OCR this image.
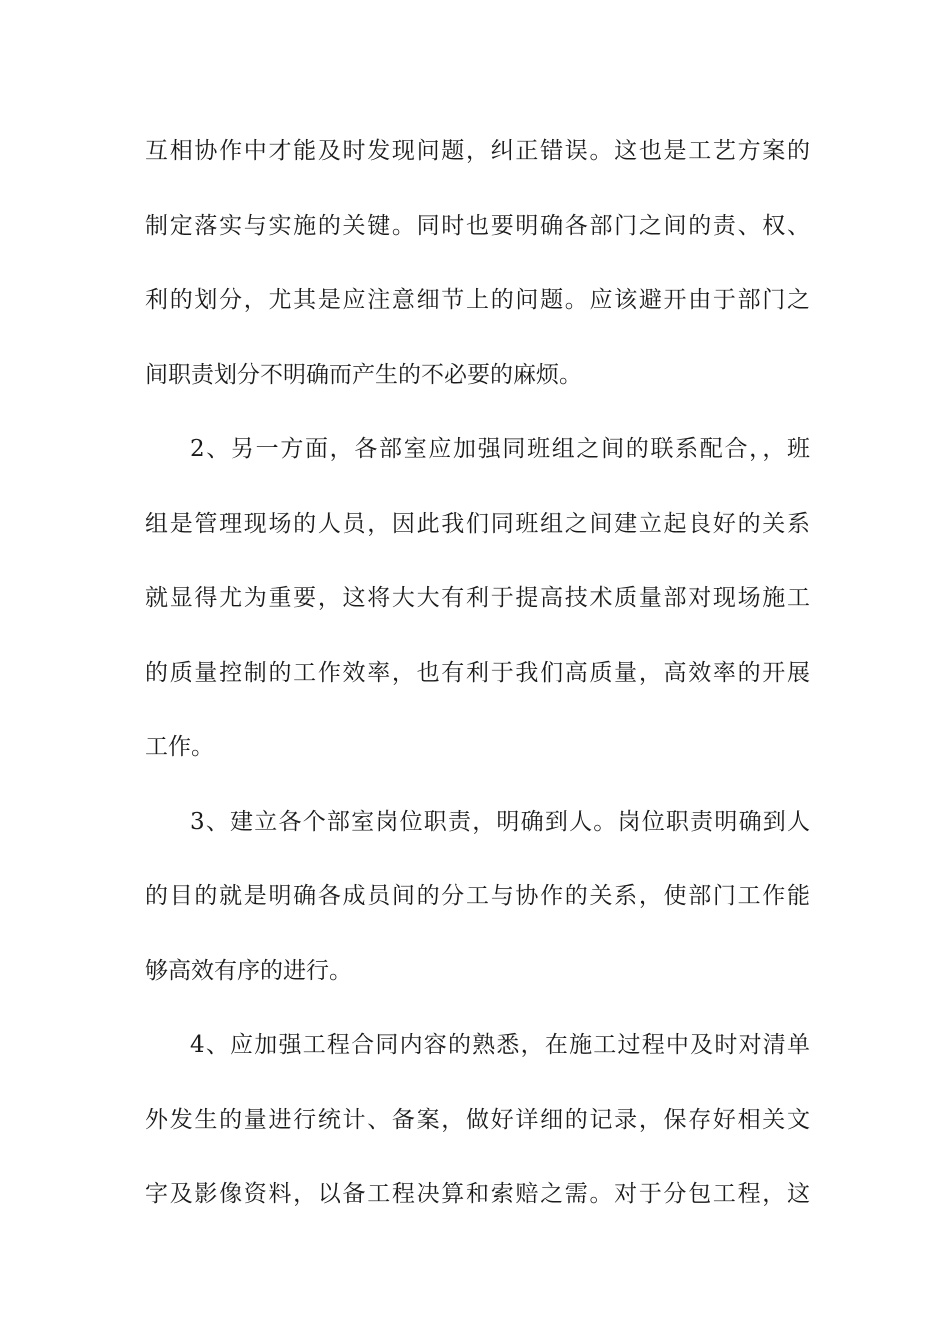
互相协作中才能及时发现问题，纠正错误。这也是工艺方案的
制定落实与实施的关键。同时也要明确各部门之间的责、权、
利的划分，尤其是应注意细节上的问题。应该避开由于部门之
间职责划分不明确而产生的不必要的麻烦。
2、另一方面，各部室应加强同班组之间的联系配合，，班
组是管理现场的人员，因此我们同班组之间建立起良好的关系
就显得尤为重要，这将大大有利于提高技术质量部对现场施工
的质量控制的工作效率，也有利于我们高质量，高效率的开展
工作。
3、建立各个部室岗位职责，明确到人。岗位职责明确到人
的目的就是明确各成员间的分工与协作的关系，使部门工作能
够高效有序的进行。
4、应加强工程合同内容的熟悉，在施工过程中及时对清单
外发生的量进行统计、备案，做好详细的记录，保存好相关文
字及影像资料，以备工程决算和索赔之需。对于分包工程，这
